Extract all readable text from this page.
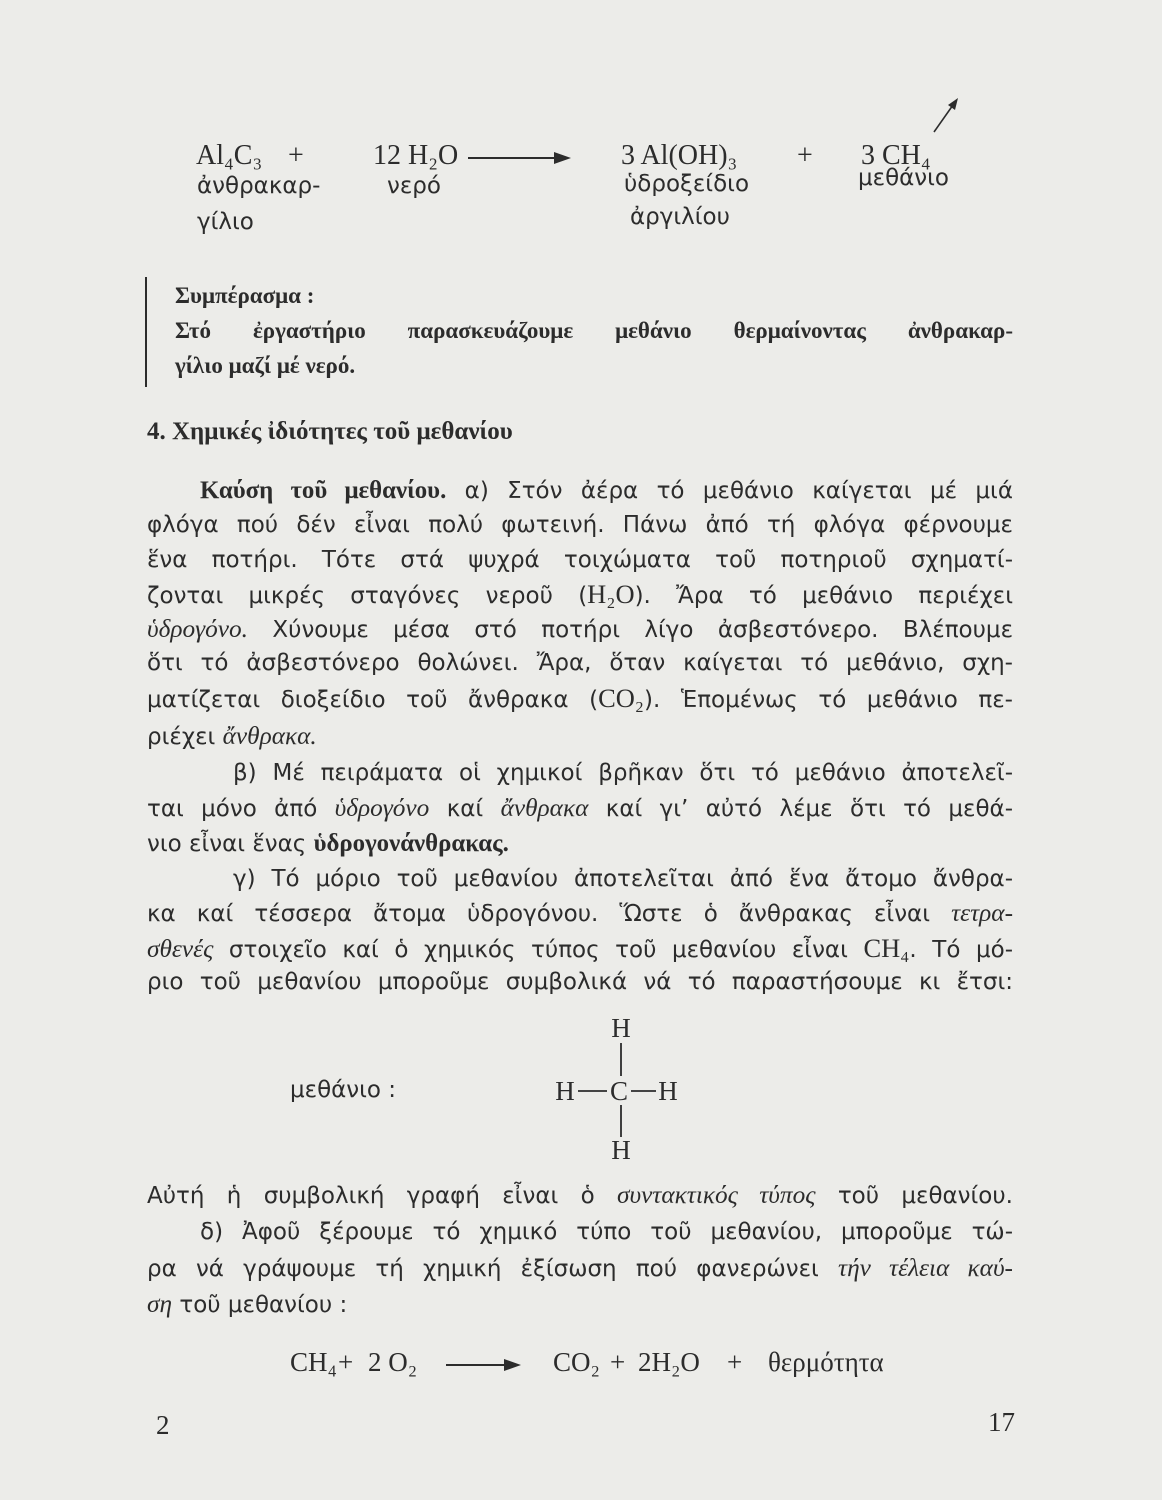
Al₄C₃ + 12 H₂O	3 Al(OH)₃ + 3 CH₄
ἀνθρακαρ-
γίλιο
νερό	ὑδροξείδιο
ἀργιλίου
μεθάνιο
Συμπέρασμα :
Στό ἐργαστήριο παρασκευάζουμε μεθάνιο θερμαίνοντας ἀνθρακαρ-
γίλιο μαζί μέ νερό.
4. Χημικές ἰδιότητες τοῦ μεθανίου
Καύση τοῦ μεθανίου. α) Στόν ἀέρα τό μεθάνιο καίγεται μέ μιά
φλόγα πού δέν εἶναι πολύ φωτεινή. Πάνω ἀπό τή φλόγα φέρνουμε
ἕνα ποτήρι. Τότε στά ψυχρά τοιχώματα τοῦ ποτηριοῦ σχηματί-
ζονται μικρές σταγόνες νεροῦ (H₂O). Ἄρα τό μεθάνιο περιέχει
ὑδρογόνο. Χύνουμε μέσα στό ποτήρι λίγο ἀσβεστόνερο. Βλέπουμε
ὅτι τό ἀσβεστόνερο θολώνει. Ἄρα, ὅταν καίγεται τό μεθάνιο, σχη-
ματίζεται διοξείδιο τοῦ ἄνθρακα (CO₂). Ἑπομένως τό μεθάνιο πε-
ριέχει ἄνθρακα.
β) Μέ πειράματα οἱ χημικοί βρῆκαν ὅτι τό μεθάνιο ἀποτελεῖ-
ται μόνο ἀπό ὑδρογόνο καί ἄνθρακα καί γι’ αὐτό λέμε ὅτι τό μεθά-
νιο εἶναι ἕνας ὑδρογονάνθρακας.
γ) Τό μόριο τοῦ μεθανίου ἀποτελεῖται ἀπό ἕνα ἄτομο ἄνθρα-
κα καί τέσσερα ἄτομα ὑδρογόνου. Ὥστε ὁ ἄνθρακας εἶναι τετρα-
σθενές στοιχεῖο καί ὁ χημικός τύπος τοῦ μεθανίου εἶναι CH₄. Τό μό-
ριο τοῦ μεθανίου μποροῦμε συμβολικά νά τό παραστήσουμε κι ἔτσι:
μεθάνιο :
H
H C H
H
Αὐτή ἡ συμβολική γραφή εἶναι ὁ συντακτικός τύπος τοῦ μεθανίου.
δ) Ἀφοῦ ξέρουμε τό χημικό τύπο τοῦ μεθανίου, μποροῦμε τώ-
ρα νά γράψουμε τή χημική ἐξίσωση πού φανερώνει τήν τέλεια καύ-
ση τοῦ μεθανίου :
CH₄ + 2 O₂	CO₂ + 2H₂O + θερμότητα
2	17
